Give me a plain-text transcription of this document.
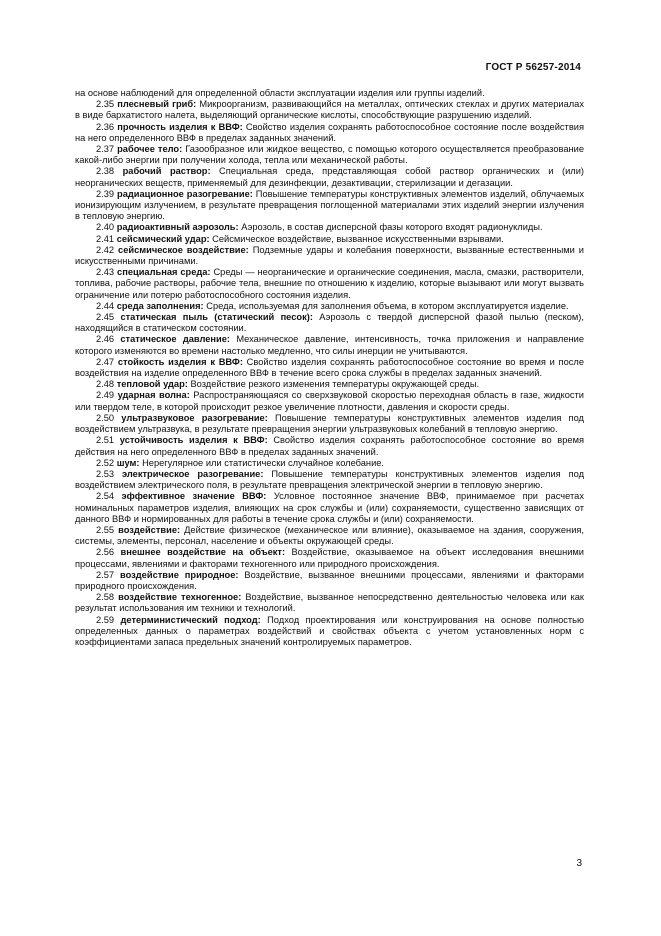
ГОСТ Р 56257-2014

на основе наблюдений для определенной области эксплуатации изделия или группы изделий.

2.35 плесневый гриб: Микроорганизм, развивающийся на металлах, оптических стеклах и других материалах в виде бархатистого налета, выделяющий органические кислоты, способствующие разрушению изделий.

2.36 прочность изделия к ВВФ: Свойство изделия сохранять работоспособное состояние после воздействия на него определенного ВВФ в пределах заданных значений.

2.37 рабочее тело: Газообразное или жидкое вещество, с помощью которого осуществляется преобразование какой-либо энергии при получении холода, тепла или механической работы.

2.38 рабочий раствор: Специальная среда, представляющая собой раствор органических и (или) неорганических веществ, применяемый для дезинфекции, дезактивации, стерилизации и дегазации.

2.39 радиационное разогревание: Повышение температуры конструктивных элементов изделий, облучаемых ионизирующим излучением, в результате превращения поглощенной материалами этих изделий энергии излучения в тепловую энергию.

2.40 радиоактивный аэрозоль: Аэрозоль, в состав дисперсной фазы которого входят радионуклиды.

2.41 сейсмический удар: Сейсмическое воздействие, вызванное искусственными взрывами.

2.42 сейсмическое воздействие: Подземные удары и колебания поверхности, вызванные естественными и искусственными причинами.

2.43 специальная среда: Среды — неорганические и органические соединения, масла, смазки, растворители, топлива, рабочие растворы, рабочие тела, внешние по отношению к изделию, которые вызывают или могут вызвать ограничение или потерю работоспособного состояния изделия.

2.44 среда заполнения: Среда, используемая для заполнения объема, в котором эксплуатируется изделие.

2.45 статическая пыль (статический песок): Аэрозоль с твердой дисперсной фазой пылью (песком), находящийся в статическом состоянии.

2.46 статическое давление: Механическое давление, интенсивность, точка приложения и направление которого изменяются во времени настолько медленно, что силы инерции не учитываются.

2.47 стойкость изделия к ВВФ: Свойство изделия сохранять работоспособное состояние во время и после воздействия на изделие определенного ВВФ в течение всего срока службы в пределах заданных значений.

2.48 тепловой удар: Воздействие резкого изменения температуры окружающей среды.

2.49 ударная волна: Распространяющаяся со сверхзвуковой скоростью переходная область в газе, жидкости или твердом теле, в которой происходит резкое увеличение плотности, давления и скорости среды.

2.50 ультразвуковое разогревание: Повышение температуры конструктивных элементов изделия под воздействием ультразвука, в результате превращения энергии ультразвуковых колебаний в тепловую энергию.

2.51 устойчивость изделия к ВВФ: Свойство изделия сохранять работоспособное состояние во время действия на него определенного ВВФ в пределах заданных значений.

2.52 шум: Нерегулярное или статистически случайное колебание.

2.53 электрическое разогревание: Повышение температуры конструктивных элементов изделия под воздействием электрического поля, в результате превращения электрической энергии в тепловую энергию.

2.54 эффективное значение ВВФ: Условное постоянное значение ВВФ, принимаемое при расчетах номинальных параметров изделия, влияющих на срок службы и (или) сохраняемости, существенно зависящих от данного ВВФ и нормированных для работы в течение срока службы и (или) сохраняемости.

2.55 воздействие: Действие физическое (механическое или влияние), оказываемое на здания, сооружения, системы, элементы, персонал, население и объекты окружающей среды.

2.56 внешнее воздействие на объект: Воздействие, оказываемое на объект исследования внешними процессами, явлениями и факторами техногенного или природного происхождения.

2.57 воздействие природное: Воздействие, вызванное внешними процессами, явлениями и факторами природного происхождения.

2.58 воздействие техногенное: Воздействие, вызванное непосредственно деятельностью человека или как результат использования им техники и технологий.

2.59 детерминистический подход: Подход проектирования или конструирования на основе полностью определенных данных о параметрах воздействий и свойствах объекта с учетом установленных норм с коэффициентами запаса предельных значений контролируемых параметров.

3
